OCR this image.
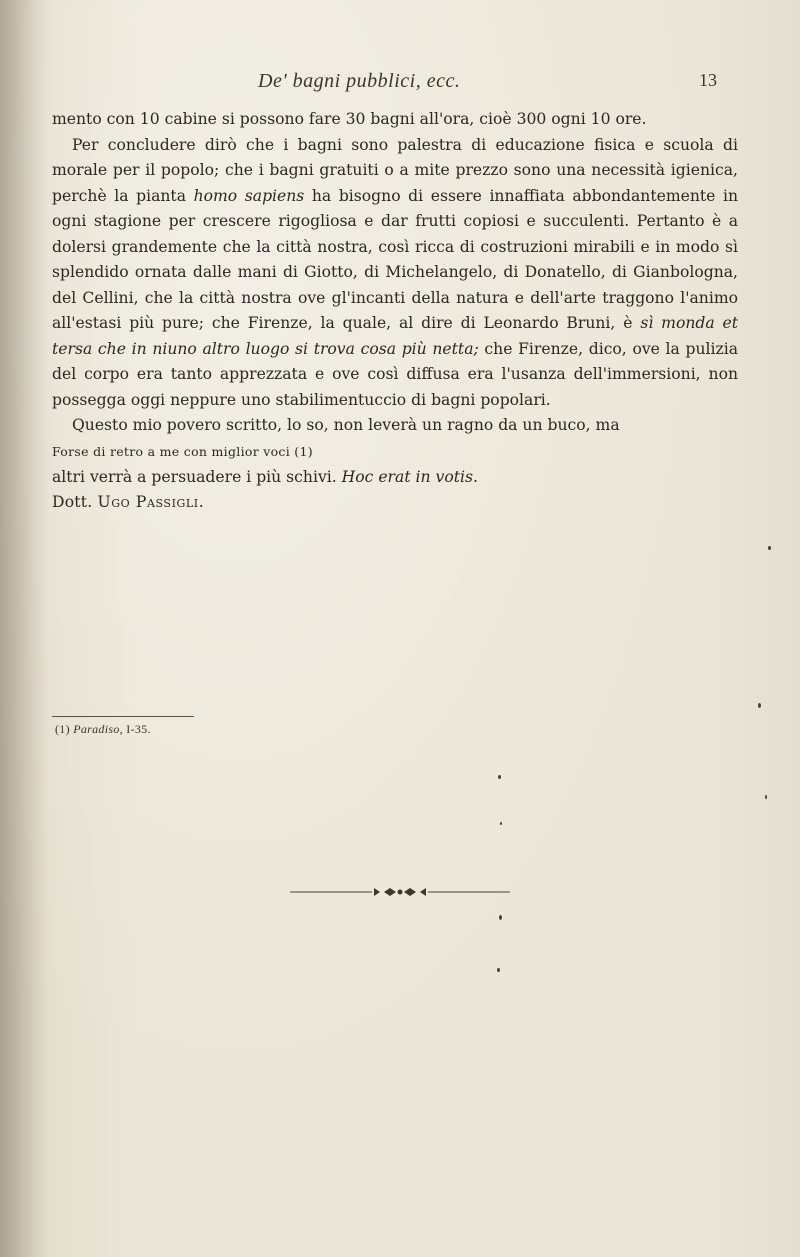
De' bagni pubblici, ecc.	13

mento con 10 cabine si possono fare 30 bagni all'ora, cioè 300 ogni 10 ore.

Per concludere dirò che i bagni sono palestra di educazione fisica e scuola di morale per il popolo; che i bagni gratuiti o a mite prezzo sono una necessità igienica, perchè la pianta homo sapiens ha bisogno di essere innaffiata abbondantemente in ogni stagione per crescere rigogliosa e dar frutti copiosi e succulenti. Pertanto è a dolersi grandemente che la città nostra, così ricca di costruzioni mirabili e in modo sì splendido ornata dalle mani di Giotto, di Michelangelo, di Donatello, di Gianbologna, del Cellini, che la città nostra ove gl'incanti della natura e dell'arte traggono l'animo all'estasi più pure; che Firenze, la quale, al dire di Leonardo Bruni, è sì monda et tersa che in niuno altro luogo si trova cosa più netta; che Firenze, dico, ove la pulizia del corpo era tanto apprezzata e ove così diffusa era l'usanza dell'immersioni, non possegga oggi neppure uno stabilimentuccio di bagni popolari.

Questo mio povero scritto, lo so, non leverà un ragno da un buco, ma

Forse di retro a me con miglior voci (1)

altri verrà a persuadere i più schivi. Hoc erat in votis.

Dott. Ugo Passigli.

(1) Paradiso, I-35.
